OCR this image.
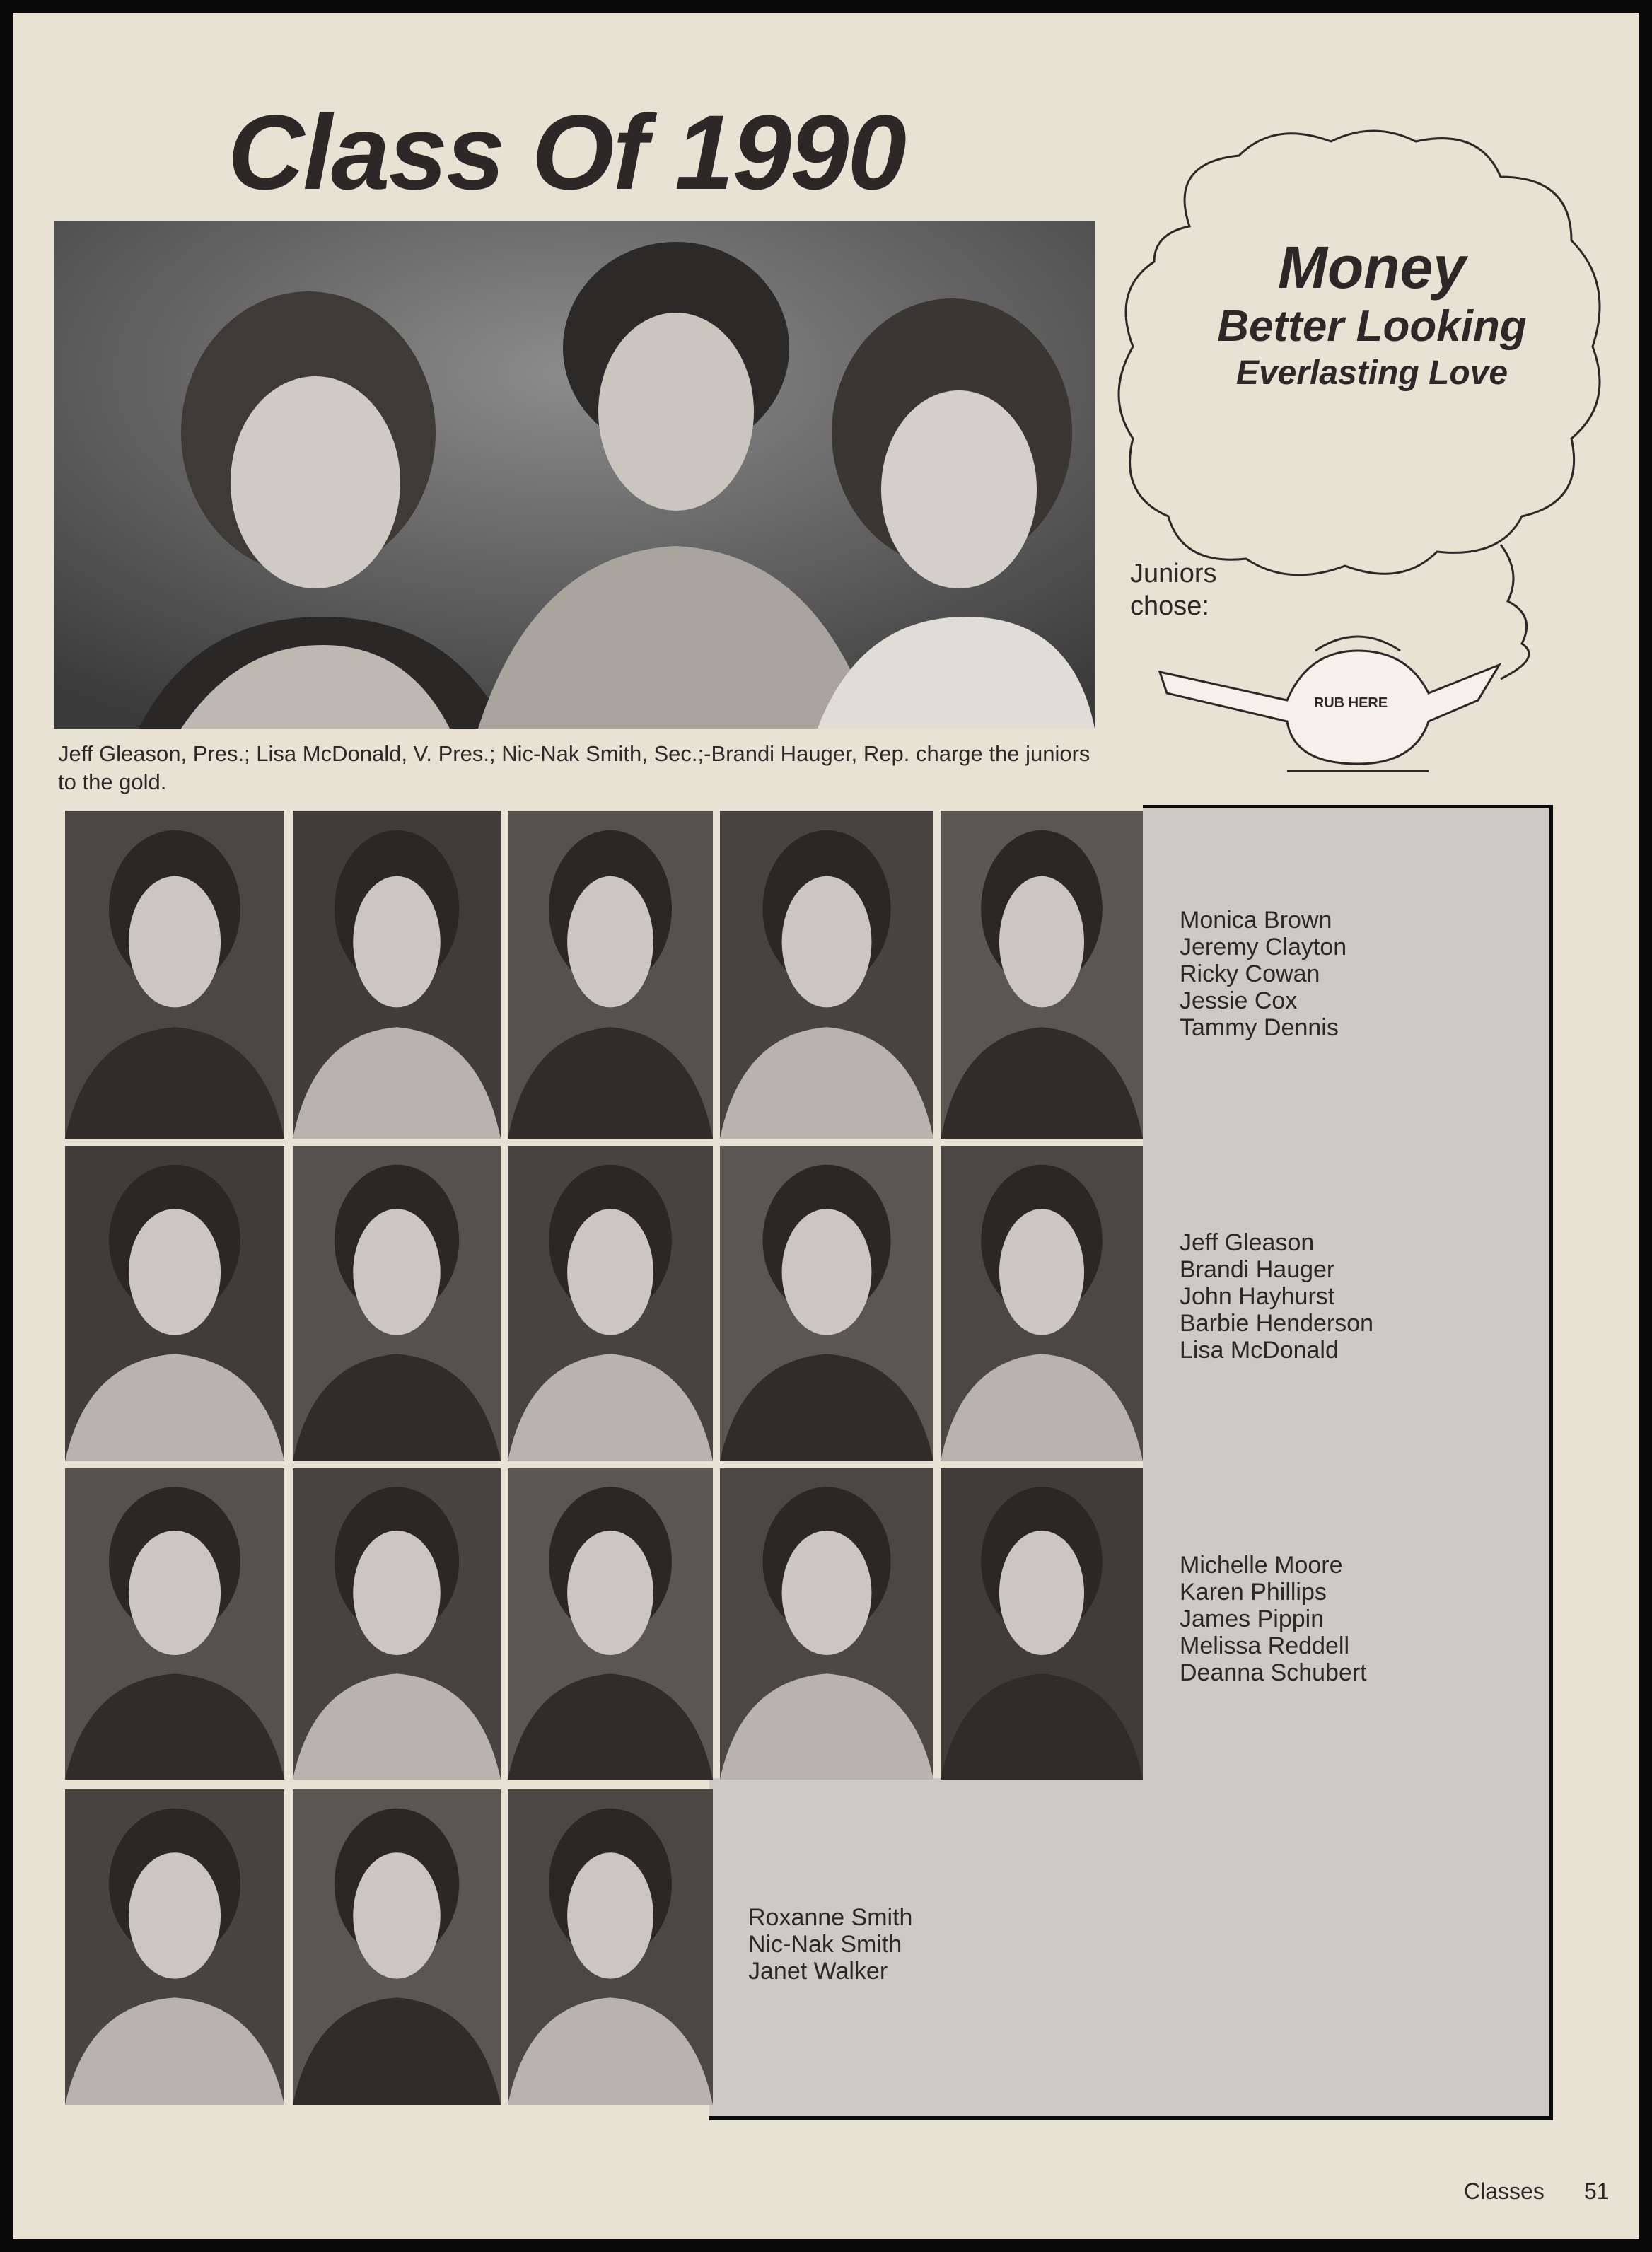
Class Of 1990
Jeff Gleason, Pres.; Lisa McDonald, V. Pres.; Nic-Nak Smith, Sec.;-Brandi Hauger, Rep. charge the juniors to the gold.
Money
Better Looking
Everlasting Love
Juniors
chose:
RUB HERE
Monica Brown
Jeremy Clayton
Ricky Cowan
Jessie Cox
Tammy Dennis
Jeff Gleason
Brandi Hauger
John Hayhurst
Barbie Henderson
Lisa McDonald
Michelle Moore
Karen Phillips
James Pippin
Melissa Reddell
Deanna Schubert
Roxanne Smith
Nic-Nak Smith
Janet Walker
Classes 51
